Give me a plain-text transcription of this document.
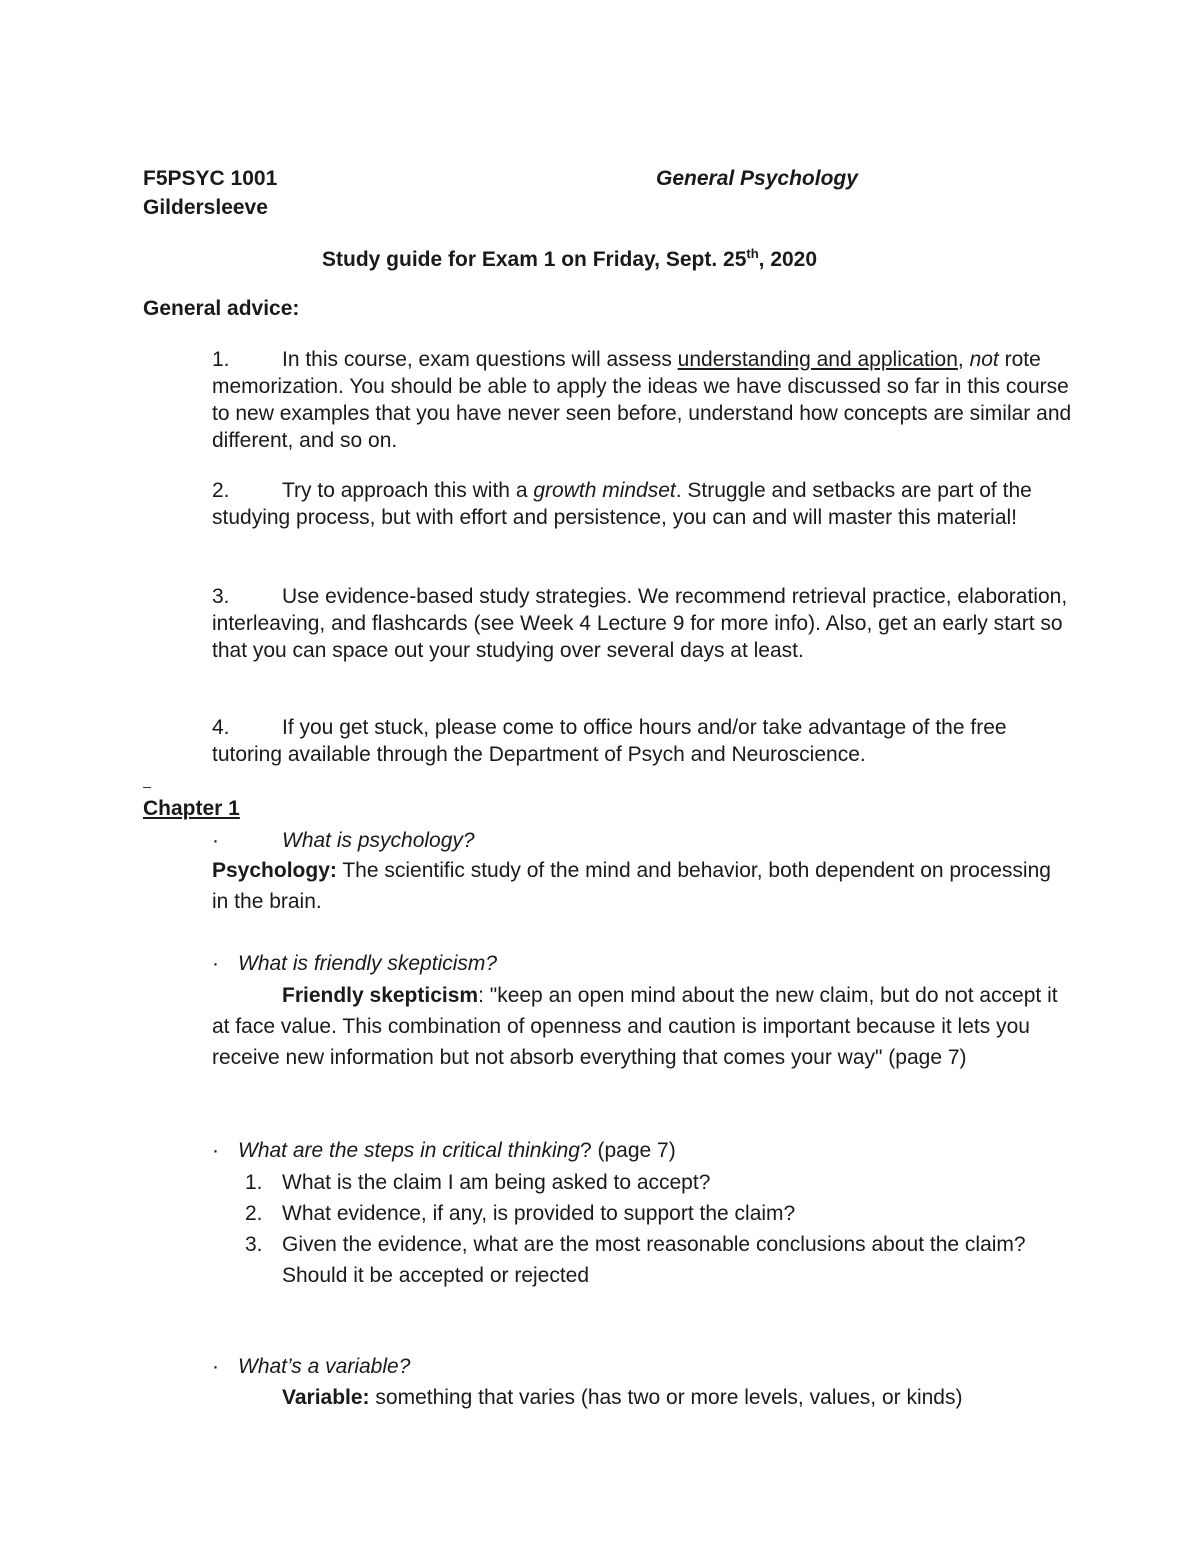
F5PSYC 1001	General Psychology
Gildersleeve
Study guide for Exam 1 on Friday, Sept. 25th, 2020
General advice:
1. In this course, exam questions will assess understanding and application, not rote memorization. You should be able to apply the ideas we have discussed so far in this course to new examples that you have never seen before, understand how concepts are similar and different, and so on.
2. Try to approach this with a growth mindset. Struggle and setbacks are part of the studying process, but with effort and persistence, you can and will master this material!
3. Use evidence-based study strategies. We recommend retrieval practice, elaboration, interleaving, and flashcards (see Week 4 Lecture 9 for more info). Also, get an early start so that you can space out your studying over several days at least.
4. If you get stuck, please come to office hours and/or take advantage of the free tutoring available through the Department of Psych and Neuroscience.
Chapter 1
·	What is psychology?
Psychology: The scientific study of the mind and behavior, both dependent on processing in the brain.
· What is friendly skepticism?
Friendly skepticism: "keep an open mind about the new claim, but do not accept it at face value. This combination of openness and caution is important because it lets you receive new information but not absorb everything that comes your way" (page 7)
· What are the steps in critical thinking? (page 7)
1. What is the claim I am being asked to accept?
2. What evidence, if any, is provided to support the claim?
3. Given the evidence, what are the most reasonable conclusions about the claim? Should it be accepted or rejected
· What’s a variable?
Variable: something that varies (has two or more levels, values, or kinds)
